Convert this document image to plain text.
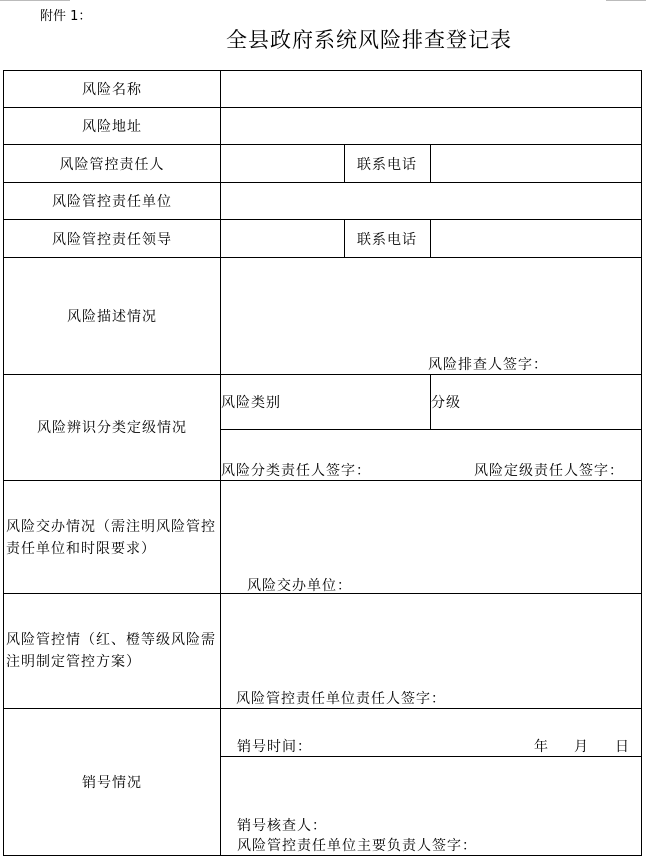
附件 1：
全县政府系统风险排查登记表
风险名称
风险地址
风险管控责任人	联系电话
风险管控责任单位
风险管控责任领导	联系电话
风险描述情况
风险排查人签字：
风险辨识分类定级情况
风险类别	分级
风险分类责任人签字：	风险定级责任人签字：
风险交办情况（需注明风险管控责任单位和时限要求）
风险交办单位：
风险管控情（红、橙等级风险需注明制定管控方案）
风险管控责任单位责任人签字：
销号情况
销号时间：	年 月 日
销号核查人：
风险管控责任单位主要负责人签字：
